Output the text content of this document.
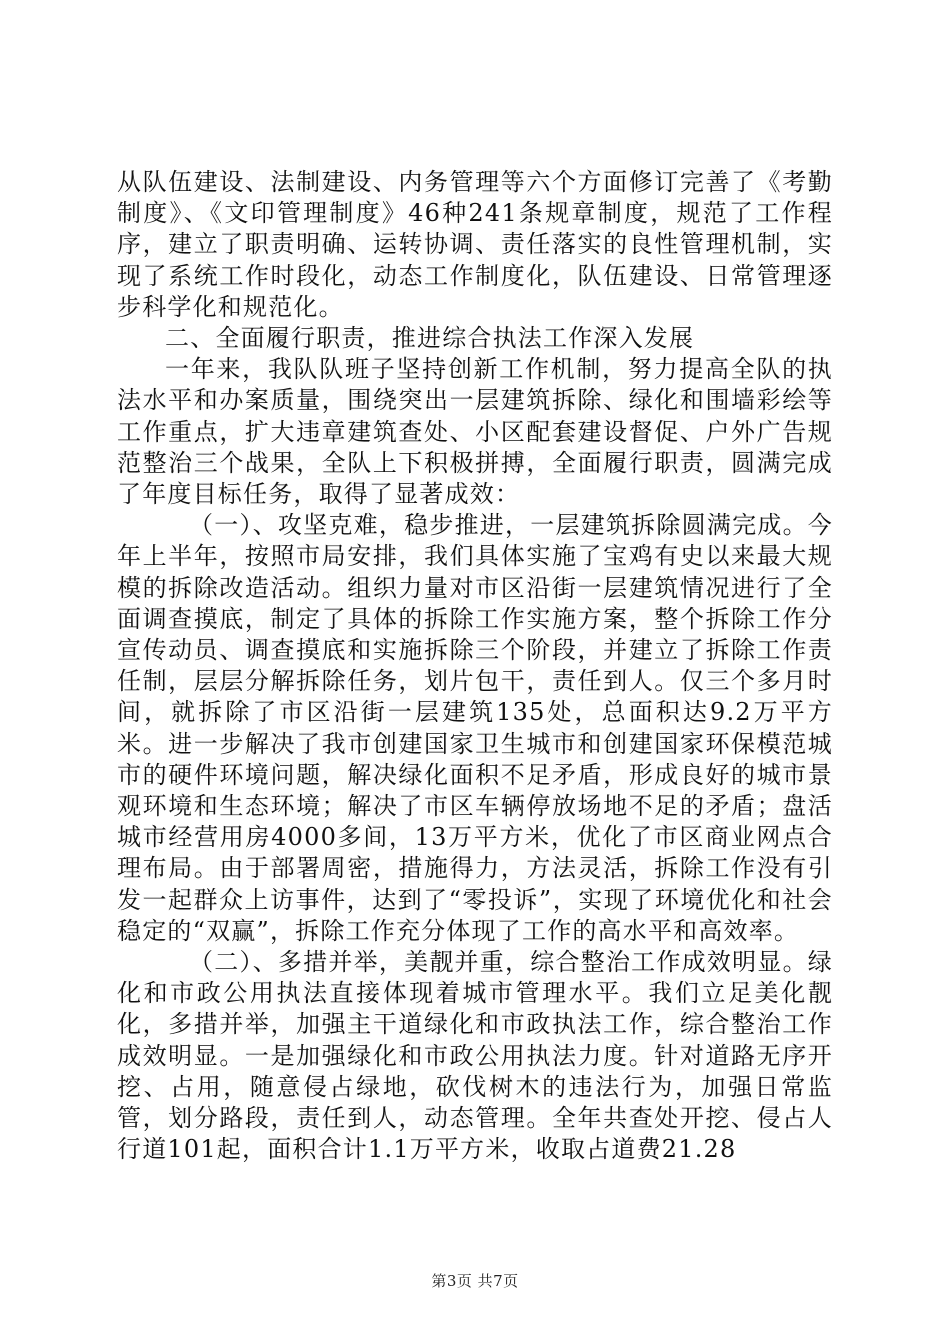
从队伍建设、法制建设、内务管理等六个方面修订完善了《考勤制度》、《文印管理制度》46种241条规章制度，规范了工作程序，建立了职责明确、运转协调、责任落实的良性管理机制，实现了系统工作时段化，动态工作制度化，队伍建设、日常管理逐步科学化和规范化。

二、全面履行职责，推进综合执法工作深入发展

一年来，我队队班子坚持创新工作机制，努力提高全队的执法水平和办案质量，围绕突出一层建筑拆除、绿化和围墙彩绘等工作重点，扩大违章建筑查处、小区配套建设督促、户外广告规范整治三个战果，全队上下积极拼搏，全面履行职责，圆满完成了年度目标任务，取得了显著成效：

（一）、攻坚克难，稳步推进，一层建筑拆除圆满完成。今年上半年，按照市局安排，我们具体实施了宝鸡有史以来最大规模的拆除改造活动。组织力量对市区沿街一层建筑情况进行了全面调查摸底，制定了具体的拆除工作实施方案，整个拆除工作分宣传动员、调查摸底和实施拆除三个阶段，并建立了拆除工作责任制，层层分解拆除任务，划片包干，责任到人。仅三个多月时间，就拆除了市区沿街一层建筑135处，总面积达9.2万平方米。进一步解决了我市创建国家卫生城市和创建国家环保模范城市的硬件环境问题，解决绿化面积不足矛盾，形成良好的城市景观环境和生态环境；解决了市区车辆停放场地不足的矛盾；盘活城市经营用房4000多间，13万平方米，优化了市区商业网点合理布局。由于部署周密，措施得力，方法灵活，拆除工作没有引发一起群众上访事件，达到了“零投诉”，实现了环境优化和社会稳定的“双赢”，拆除工作充分体现了工作的高水平和高效率。

（二）、多措并举，美靓并重，综合整治工作成效明显。绿化和市政公用执法直接体现着城市管理水平。我们立足美化靓化，多措并举，加强主干道绿化和市政执法工作，综合整治工作成效明显。一是加强绿化和市政公用执法力度。针对道路无序开挖、占用，随意侵占绿地，砍伐树木的违法行为，加强日常监管，划分路段，责任到人，动态管理。全年共查处开挖、侵占人行道101起，面积合计1.1万平方米，收取占道费21.28

第3页 共7页
